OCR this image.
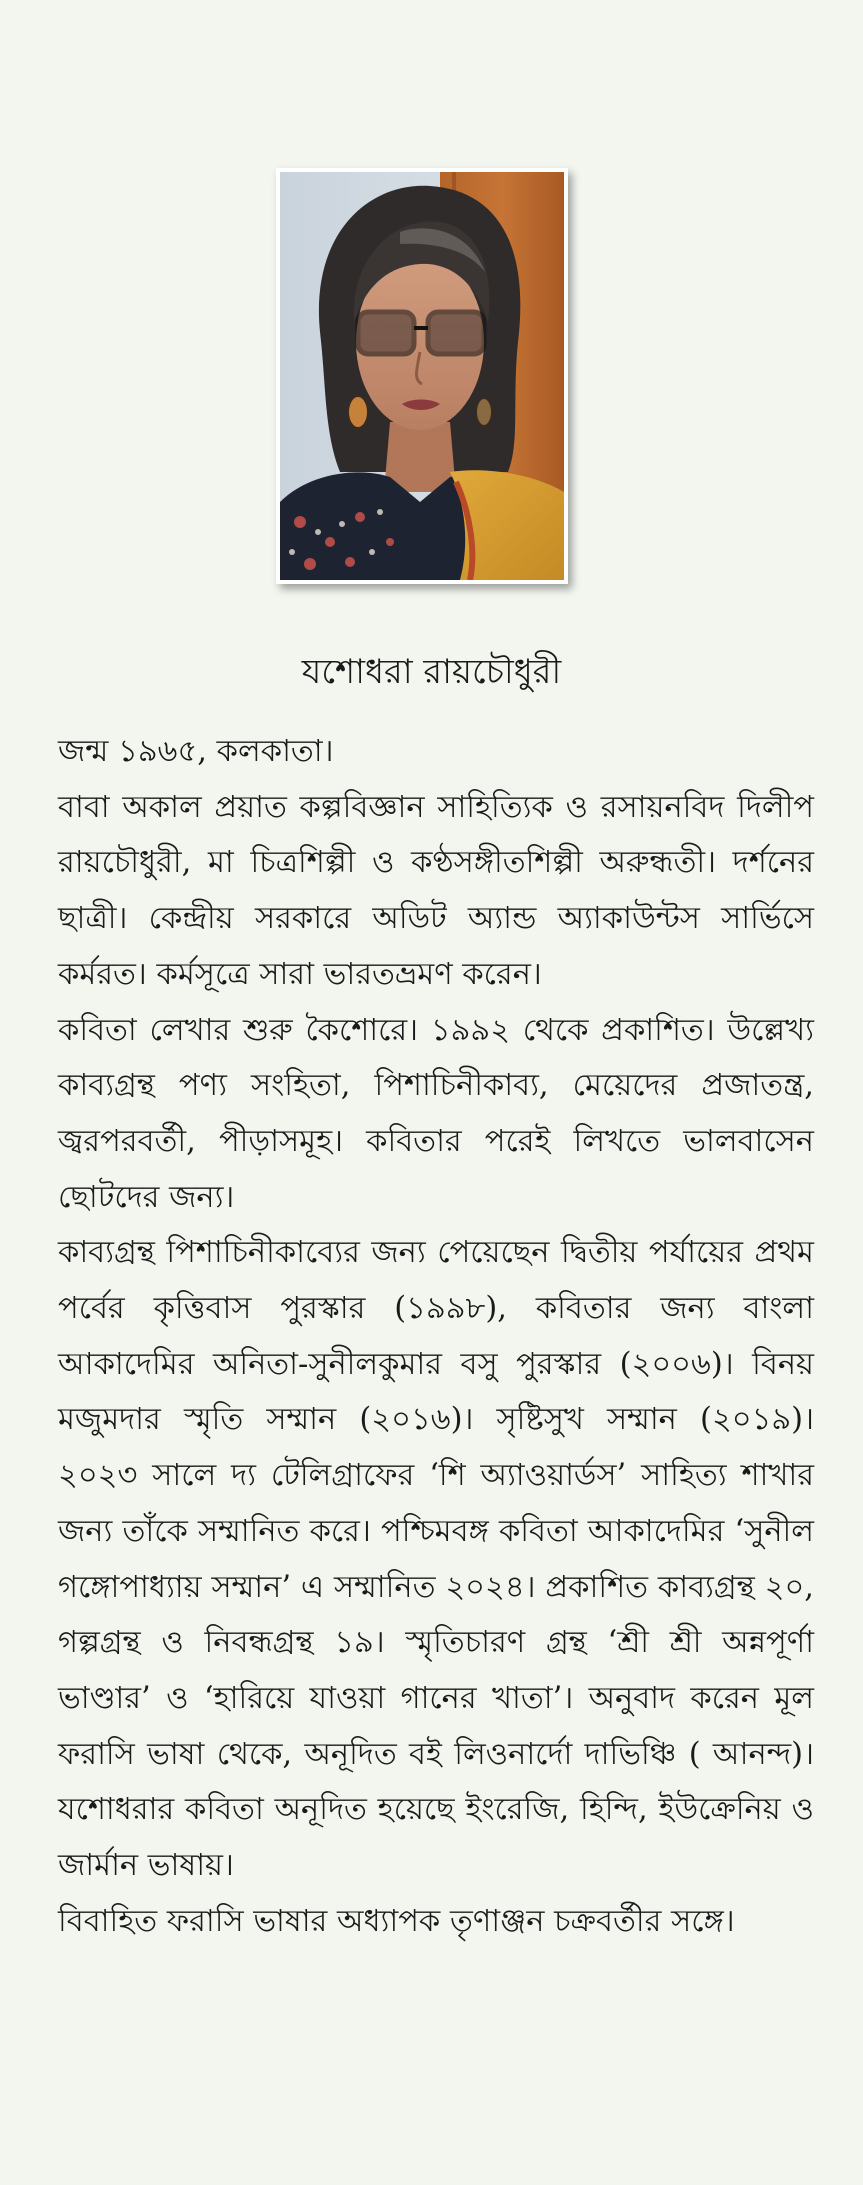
যশোধরা রায়চৌধুরী
জন্ম ১৯৬৫, কলকাতা।
বাবা অকাল প্রয়াত কল্পবিজ্ঞান সাহিত্যিক ও রসায়নবিদ দিলীপ রায়চৌধুরী, মা চিত্রশিল্পী ও কণ্ঠসঙ্গীতশিল্পী অরুন্ধতী। দর্শনের ছাত্রী। কেন্দ্রীয় সরকারে অডিট অ্যান্ড অ্যাকাউন্টস সার্ভিসে কর্মরত। কর্মসূত্রে সারা ভারতভ্রমণ করেন।
কবিতা লেখার শুরু কৈশোরে। ১৯৯২ থেকে প্রকাশিত। উল্লেখ্য কাব্যগ্রন্থ পণ্য সংহিতা, পিশাচিনীকাব্য, মেয়েদের প্রজাতন্ত্র, জ্বরপরবর্তী, পীড়াসমূহ। কবিতার পরেই লিখতে ভালবাসেন ছোটদের জন্য।
কাব্যগ্রন্থ পিশাচিনীকাব্যের জন্য পেয়েছেন দ্বিতীয় পর্যায়ের প্রথম পর্বের কৃত্তিবাস পুরস্কার (১৯৯৮), কবিতার জন্য বাংলা আকাদেমির অনিতা-সুনীলকুমার বসু পুরস্কার (২০০৬)। বিনয় মজুমদার স্মৃতি সম্মান (২০১৬)। সৃষ্টিসুখ সম্মান (২০১৯)। ২০২৩ সালে দ্য টেলিগ্রাফের ‘শি অ্যাওয়ার্ডস’ সাহিত্য শাখার জন্য তাঁকে সম্মানিত করে। পশ্চিমবঙ্গ কবিতা আকাদেমির ‘সুনীল গঙ্গোপাধ্যায় সম্মান’ এ সম্মানিত ২০২৪। প্রকাশিত কাব্যগ্রন্থ ২০, গল্পগ্রন্থ ও নিবন্ধগ্রন্থ ১৯। স্মৃতিচারণ গ্রন্থ ‘শ্রী শ্রী অন্নপূর্ণা ভাণ্ডার’ ও ‘হারিয়ে যাওয়া গানের খাতা’। অনুবাদ করেন মূল ফরাসি ভাষা থেকে, অনূদিত বই লিওনার্দো দাভিঞ্চি ( আনন্দ)। যশোধরার কবিতা অনূদিত হয়েছে ইংরেজি, হিন্দি, ইউক্রেনিয় ও জার্মান ভাষায়।
বিবাহিত ফরাসি ভাষার অধ্যাপক তৃণাঞ্জন চক্রবর্তীর সঙ্গে।
